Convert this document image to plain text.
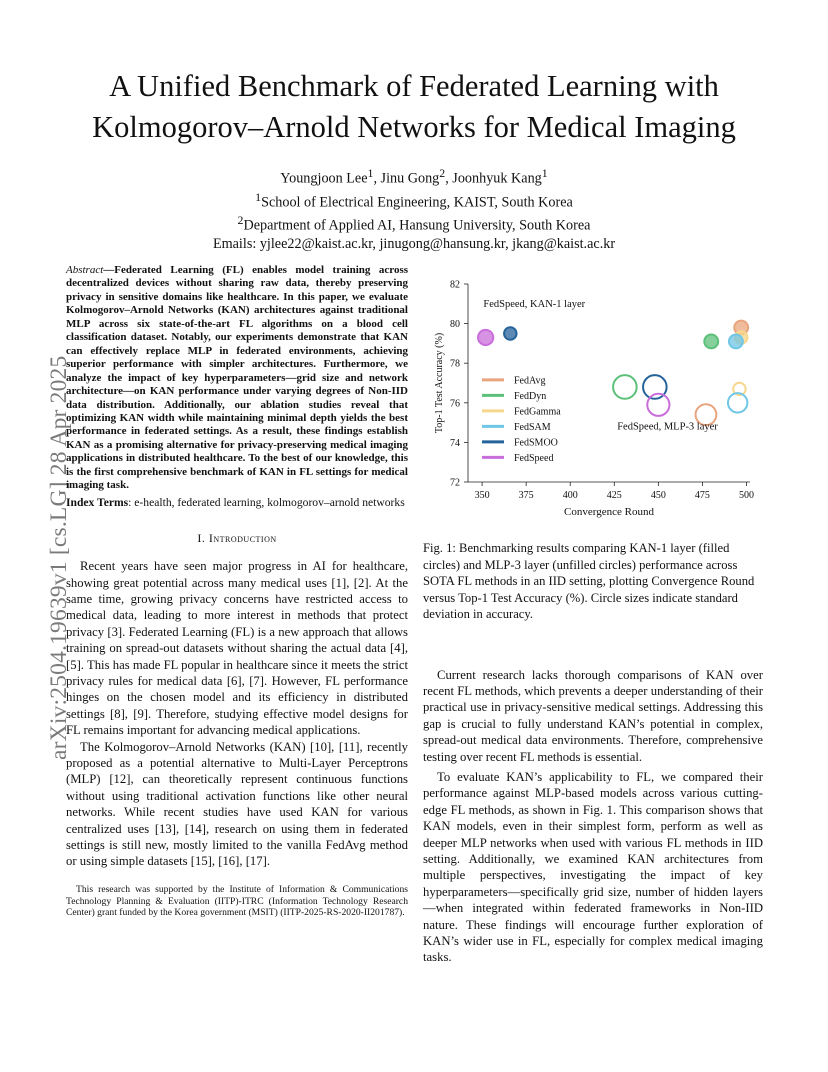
A Unified Benchmark of Federated Learning with Kolmogorov–Arnold Networks for Medical Imaging
Youngjoon Lee$^1$, Jinu Gong$^2$, Joonhyuk Kang$^1$
$^1$School of Electrical Engineering, KAIST, South Korea
$^2$Department of Applied AI, Hansung University, South Korea
Emails: yjlee22@kaist.ac.kr, jinugong@hansung.kr, jkang@kaist.ac.kr
arXiv:2504.19639v1 [cs.LG] 28 Apr 2025
Abstract—Federated Learning (FL) enables model training across decentralized devices without sharing raw data, thereby preserving privacy in sensitive domains like healthcare. In this paper, we evaluate Kolmogorov–Arnold Networks (KAN) architectures against traditional MLP across six state-of-the-art FL algorithms on a blood cell classification dataset. Notably, our experiments demonstrate that KAN can effectively replace MLP in federated environments, achieving superior performance with simpler architectures. Furthermore, we analyze the impact of key hyperparameters—grid size and network architecture—on KAN performance under varying degrees of Non-IID data distribution. Additionally, our ablation studies reveal that optimizing KAN width while maintaining minimal depth yields the best performance in federated settings. As a result, these findings establish KAN as a promising alternative for privacy-preserving medical imaging applications in distributed healthcare. To the best of our knowledge, this is the first comprehensive benchmark of KAN in FL settings for medical imaging task.
Index Terms: e-health, federated learning, kolmogorov–arnold networks
I. Introduction

Recent years have seen major progress in AI for healthcare, showing great potential across many medical uses [1], [2]. At the same time, growing privacy concerns have restricted access to medical data, leading to more interest in methods that protect privacy [3]. Federated Learning (FL) is a new approach that allows training on spread-out datasets without sharing the actual data [4], [5]. This has made FL popular in healthcare since it meets the strict privacy rules for medical data [6], [7]. However, FL performance hinges on the chosen model and its efficiency in distributed settings [8], [9]. Therefore, studying effective model designs for FL remains important for advancing medical applications.

The Kolmogorov–Arnold Networks (KAN) [10], [11], recently proposed as a potential alternative to Multi-Layer Perceptrons (MLP) [12], can theoretically represent continuous functions without using traditional activation functions like other neural networks. While recent studies have used KAN for various centralized uses [13], [14], research on using them in federated settings is still new, mostly limited to the vanilla FedAvg method or using simple datasets [15], [16], [17].

This research was supported by the Institute of Information & Communications Technology Planning & Evaluation (IITP)-ITRC (Information Technology Research Center) grant funded by the Korea government (MSIT) (IITP-2025-RS-2020-II201787).

72
74
76
78
80
82
350	375	400	425	450	475	500
FedAvg
FedDyn
FedGamma
FedSAM
FedSMOO
FedSpeed
FedSpeed, KAN-1 layer
FedSpeed, MLP-3 layer
Convergence Round
Top-1 Test Accuracy (%)
Fig. 1: Benchmarking results comparing KAN-1 layer (filled circles) and MLP-3 layer (unfilled circles) performance across SOTA FL methods in an IID setting, plotting Convergence Round versus Top-1 Test Accuracy (%). Circle sizes indicate standard deviation in accuracy.

Current research lacks thorough comparisons of KAN over recent FL methods, which prevents a deeper understanding of their practical use in privacy-sensitive medical settings. Addressing this gap is crucial to fully understand KAN’s potential in complex, spread-out medical data environments. Therefore, comprehensive testing over recent FL methods is essential.

To evaluate KAN’s applicability to FL, we compared their performance against MLP-based models across various cutting-edge FL methods, as shown in Fig. 1. This comparison shows that KAN models, even in their simplest form, perform as well as deeper MLP networks when used with various FL methods in IID setting. Additionally, we examined KAN architectures from multiple perspectives, investigating the impact of key hyperparameters—specifically grid size, number of hidden layers—when integrated within federated frameworks in Non-IID nature. These findings will encourage further exploration of KAN’s wider use in FL, especially for complex medical imaging tasks.
